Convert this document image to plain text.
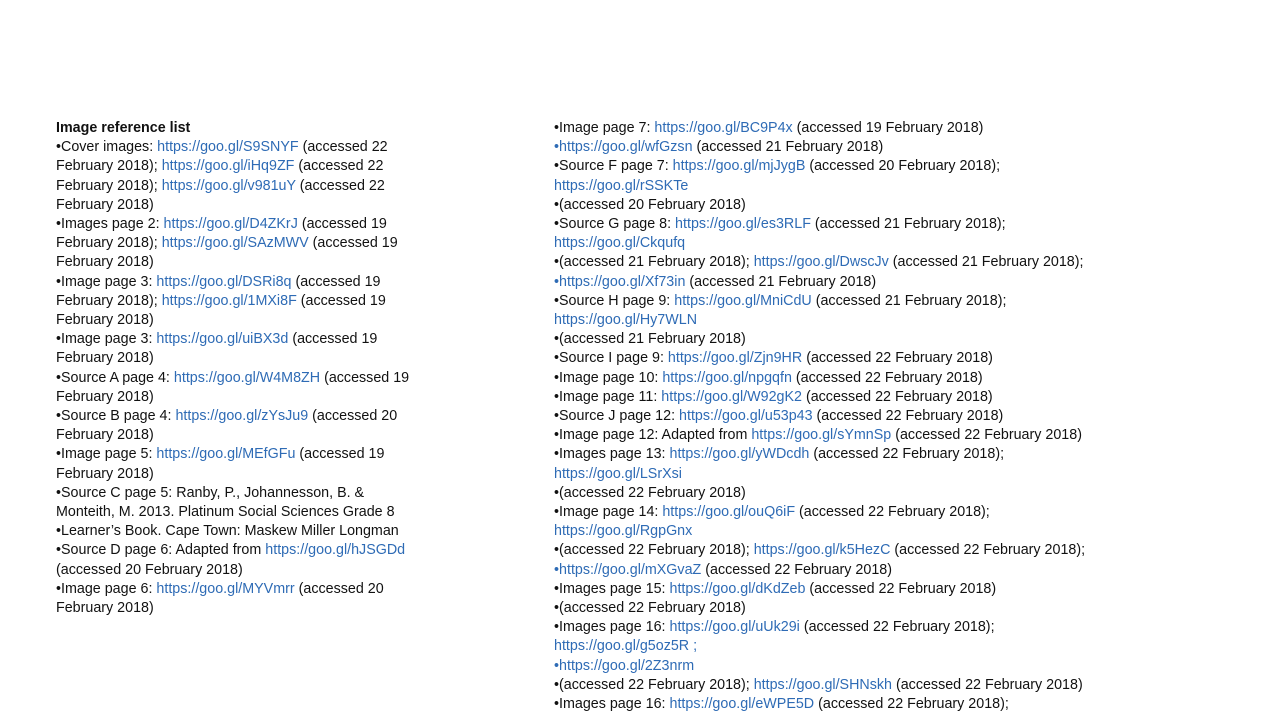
Image reference list
•Cover images: https://goo.gl/S9SNYF (accessed 22
February 2018); https://goo.gl/iHq9ZF (accessed 22
February 2018); https://goo.gl/v981uY (accessed 22
February 2018)
•Images page 2: https://goo.gl/D4ZKrJ (accessed 19
February 2018); https://goo.gl/SAzMWV (accessed 19
February 2018)
•Image page 3: https://goo.gl/DSRi8q (accessed 19
February 2018); https://goo.gl/1MXi8F (accessed 19
February 2018)
•Image page 3: https://goo.gl/uiBX3d (accessed 19
February 2018)
•Source A page 4: https://goo.gl/W4M8ZH (accessed 19
February 2018)
•Source B page 4: https://goo.gl/zYsJu9 (accessed 20
February 2018)
•Image page 5: https://goo.gl/MEfGFu (accessed 19
February 2018)
•Source C page 5: Ranby, P., Johannesson, B. &
Monteith, M. 2013. Platinum Social Sciences Grade 8
•Learner’s Book. Cape Town: Maskew Miller Longman
•Source D page 6: Adapted from https://goo.gl/hJSGDd
(accessed 20 February 2018)
•Image page 6: https://goo.gl/MYVmrr (accessed 20
February 2018)
•Image page 7: https://goo.gl/BC9P4x (accessed 19 February 2018)
•https://goo.gl/wfGzsn (accessed 21 February 2018)
•Source F page 7: https://goo.gl/mjJygB (accessed 20 February 2018);
https://goo.gl/rSSKTe
•(accessed 20 February 2018)
•Source G page 8: https://goo.gl/es3RLF (accessed 21 February 2018);
https://goo.gl/Ckqufq
•(accessed 21 February 2018); https://goo.gl/DwscJv (accessed 21 February 2018);
•https://goo.gl/Xf73in (accessed 21 February 2018)
•Source H page 9: https://goo.gl/MniCdU (accessed 21 February 2018);
https://goo.gl/Hy7WLN
•(accessed 21 February 2018)
•Source I page 9: https://goo.gl/Zjn9HR (accessed 22 February 2018)
•Image page 10: https://goo.gl/npgqfn (accessed 22 February 2018)
•Image page 11: https://goo.gl/W92gK2 (accessed 22 February 2018)
•Source J page 12: https://goo.gl/u53p43 (accessed 22 February 2018)
•Image page 12: Adapted from https://goo.gl/sYmnSp (accessed 22 February 2018)
•Images page 13: https://goo.gl/yWDcdh (accessed 22 February 2018);
https://goo.gl/LSrXsi
•(accessed 22 February 2018)
•Image page 14: https://goo.gl/ouQ6iF (accessed 22 February 2018);
https://goo.gl/RgpGnx
•(accessed 22 February 2018); https://goo.gl/k5HezC (accessed 22 February 2018);
•https://goo.gl/mXGvaZ (accessed 22 February 2018)
•Images page 15: https://goo.gl/dKdZeb (accessed 22 February 2018)
•(accessed 22 February 2018)
•Images page 16: https://goo.gl/uUk29i (accessed 22 February 2018);
https://goo.gl/g5oz5R ;
•https://goo.gl/2Z3nrm
•(accessed 22 February 2018); https://goo.gl/SHNskh (accessed 22 February 2018)
•Images page 16: https://goo.gl/eWPE5D (accessed 22 February 2018);
